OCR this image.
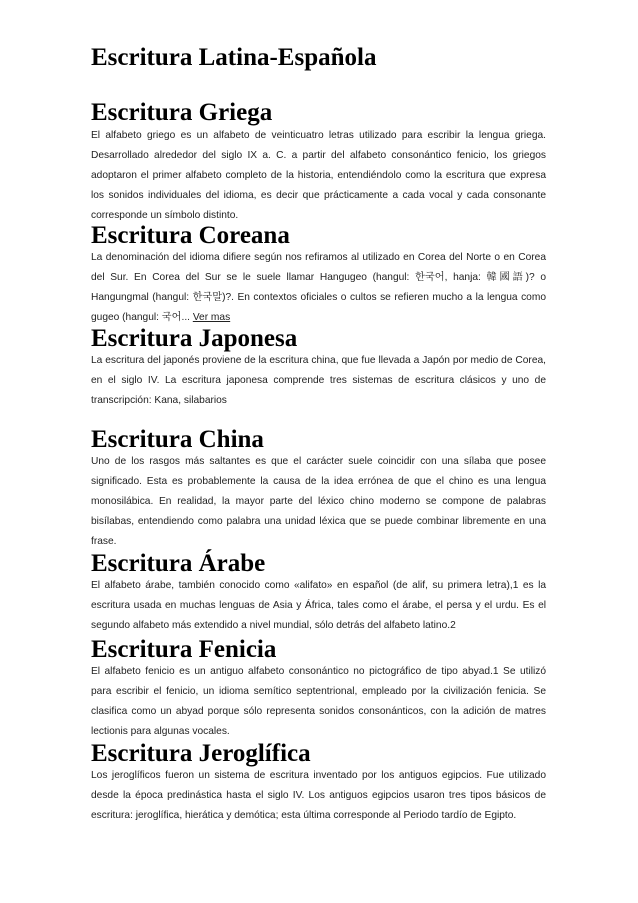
Escritura Latina-Española
Escritura Griega

El alfabeto griego es un alfabeto de veinticuatro letras utilizado para escribir la lengua griega. Desarrollado alrededor del siglo IX a. C. a partir del alfabeto consonántico fenicio, los griegos adoptaron el primer alfabeto completo de la historia, entendiéndolo como la escritura que expresa los sonidos individuales del idioma, es decir que prácticamente a cada vocal y cada consonante corresponde un símbolo distinto.

Escritura Coreana

La denominación del idioma difiere según nos refiramos al utilizado en Corea del Norte o en Corea del Sur. En Corea del Sur se le suele llamar Hangugeo (hangul: 한국어, hanja: 韓國語)? o Hangungmal (hangul: 한국말)?. En contextos oficiales o cultos se refieren mucho a la lengua como gugeo (hangul: 국어... Ver mas

Escritura Japonesa

La escritura del japonés proviene de la escritura china, que fue llevada a Japón por medio de Corea, en el siglo IV. La escritura japonesa comprende tres sistemas de escritura clásicos y uno de transcripción: Kana, silabarios

Escritura China

Uno de los rasgos más saltantes es que el carácter suele coincidir con una sílaba que posee significado. Esta es probablemente la causa de la idea errónea de que el chino es una lengua monosilábica. En realidad, la mayor parte del léxico chino moderno se compone de palabras bisílabas, entendiendo como palabra una unidad léxica que se puede combinar libremente en una frase.

Escritura Árabe

El alfabeto árabe, también conocido como «alifato» en español (de alif, su primera letra),1 es la escritura usada en muchas lenguas de Asia y África, tales como el árabe, el persa y el urdu. Es el segundo alfabeto más extendido a nivel mundial, sólo detrás del alfabeto latino.2

Escritura Fenicia

El alfabeto fenicio es un antiguo alfabeto consonántico no pictográfico de tipo abyad.1 Se utilizó para escribir el fenicio, un idioma semítico septentrional, empleado por la civilización fenicia. Se clasifica como un abyad porque sólo representa sonidos consonánticos, con la adición de matres lectionis para algunas vocales.

Escritura Jeroglífica

Los jeroglíficos fueron un sistema de escritura inventado por los antiguos egipcios. Fue utilizado desde la época predinástica hasta el siglo IV. Los antiguos egipcios usaron tres tipos básicos de escritura: jeroglífica, hierática y demótica; esta última corresponde al Periodo tardío de Egipto.
